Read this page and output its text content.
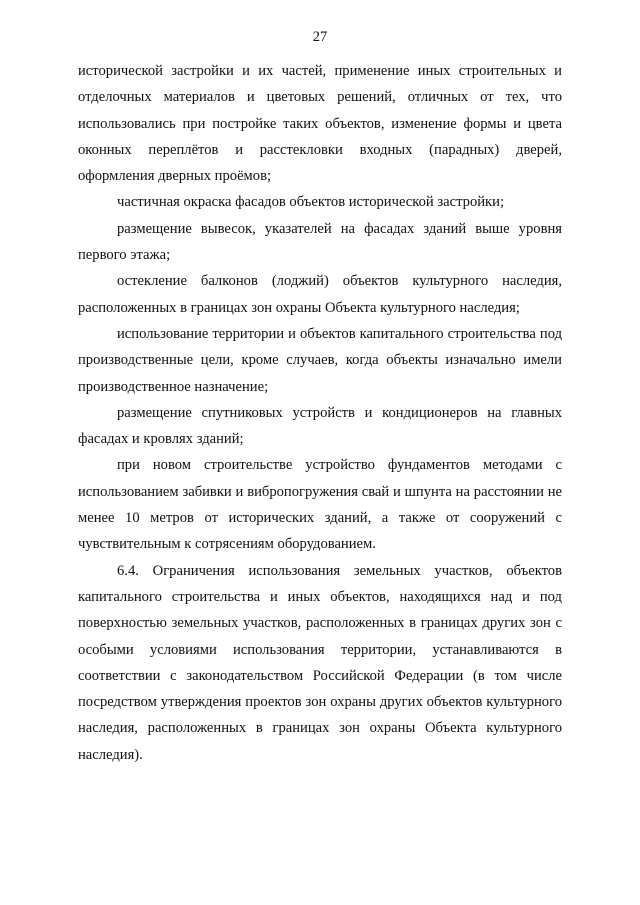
27

исторической застройки и их частей, применение иных строительных и отделочных материалов и цветовых решений, отличных от тех, что использовались при постройке таких объектов, изменение формы и цвета оконных переплётов и расстекловки входных (парадных) дверей, оформления дверных проёмов;

частичная окраска фасадов объектов исторической застройки;

размещение вывесок, указателей на фасадах зданий выше уровня первого этажа;

остекление балконов (лоджий) объектов культурного наследия, расположенных в границах зон охраны Объекта культурного наследия;

использование территории и объектов капитального строительства под производственные цели, кроме случаев, когда объекты изначально имели производственное назначение;

размещение спутниковых устройств и кондиционеров на главных фасадах и кровлях зданий;

при новом строительстве устройство фундаментов методами с использованием забивки и вибропогружения свай и шпунта на расстоянии не менее 10 метров от исторических зданий, а также от сооружений с чувствительным к сотрясениям оборудованием.

6.4. Ограничения использования земельных участков, объектов капитального строительства и иных объектов, находящихся над и под поверхностью земельных участков, расположенных в границах других зон с особыми условиями использования территории, устанавливаются в соответствии с законодательством Российской Федерации (в том числе посредством утверждения проектов зон охраны других объектов культурного наследия, расположенных в границах зон охраны Объекта культурного наследия).
